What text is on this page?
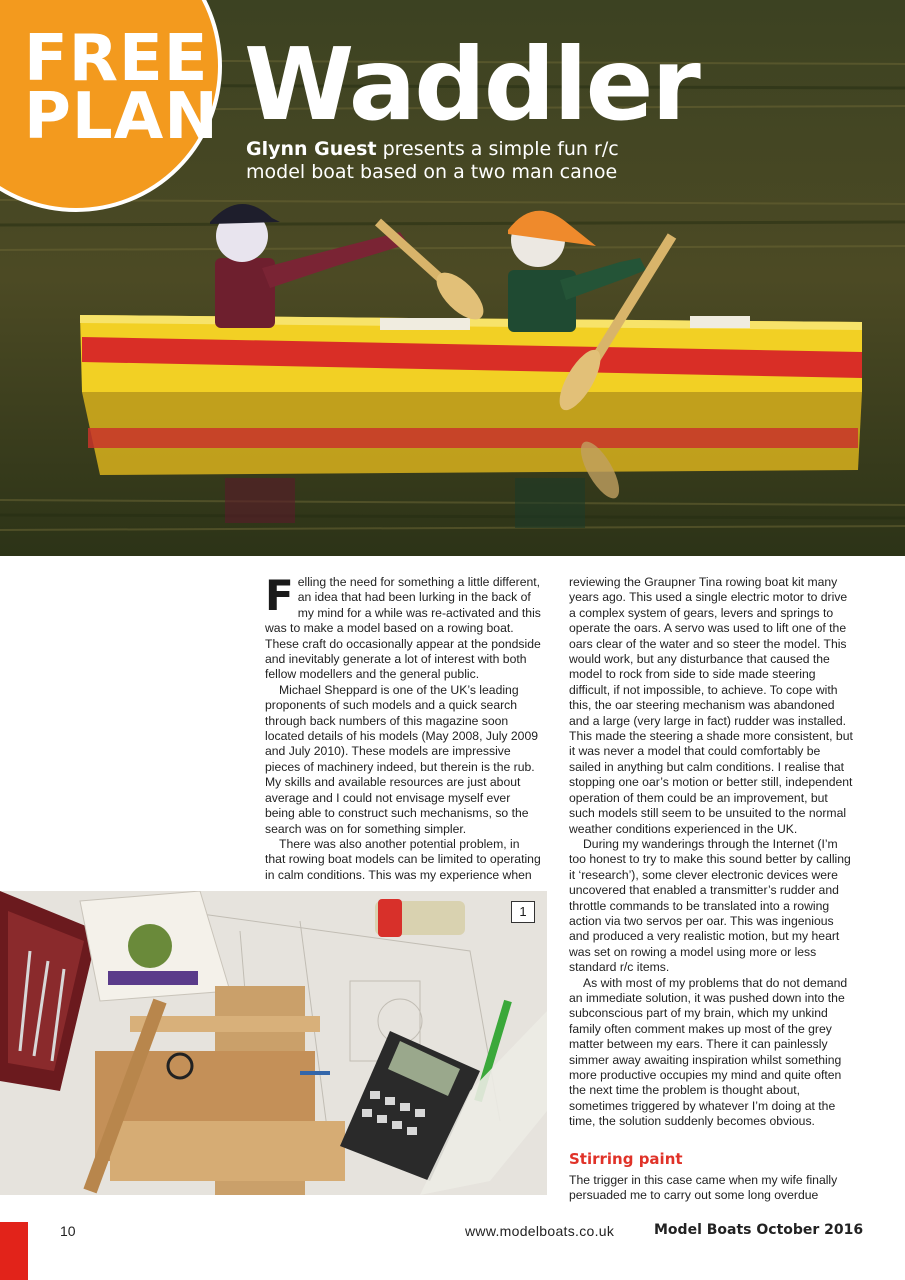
FREE
PLAN Waddler

Glynn Guest presents a simple fun r/c model boat based on a two man canoe

F elling the need for something a little different, an idea that had been lurking in the back of my mind for a while was re-activated and this was to make a model based on a rowing boat. These craft do occasionally appear at the pondside and inevitably generate a lot of interest with both fellow modellers and the general public.

Michael Sheppard is one of the UK’s leading proponents of such models and a quick search through back numbers of this magazine soon located details of his models (May 2008, July 2009 and July 2010). These models are impressive pieces of machinery indeed, but therein is the rub. My skills and available resources are just about average and I could not envisage myself ever being able to construct such mechanisms, so the search was on for something simpler.

There was also another potential problem, in that rowing boat models can be limited to operating in calm conditions. This was my experience when

reviewing the Graupner Tina rowing boat kit many years ago. This used a single electric motor to drive a complex system of gears, levers and springs to operate the oars. A servo was used to lift one of the oars clear of the water and so steer the model. This would work, but any disturbance that caused the model to rock from side to side made steering difficult, if not impossible, to achieve. To cope with this, the oar steering mechanism was abandoned and a large (very large in fact) rudder was installed. This made the steering a shade more consistent, but it was never a model that could comfortably be sailed in anything but calm conditions. I realise that stopping one oar’s motion or better still, independent operation of them could be an improvement, but such models still seem to be unsuited to the normal weather conditions experienced in the UK.

During my wanderings through the Internet (I’m too honest to try to make this sound better by calling it ‘research’), some clever electronic devices were uncovered that enabled a transmitter’s rudder and throttle commands to be translated into a rowing action via two servos per oar. This was ingenious and produced a very realistic motion, but my heart was set on rowing a model using more or less standard r/c items.

As with most of my problems that do not demand an immediate solution, it was pushed down into the subconscious part of my brain, which my unkind family often comment makes up most of the grey matter between my ears. There it can painlessly simmer away awaiting inspiration whilst something more productive occupies my mind and quite often the next time the problem is thought about, sometimes triggered by whatever I’m doing at the time, the solution suddenly becomes obvious.

Stirring paint

The trigger in this case came when my wife finally persuaded me to carry out some long overdue

1
10	www.modelboats.co.uk	Model Boats October 2016
